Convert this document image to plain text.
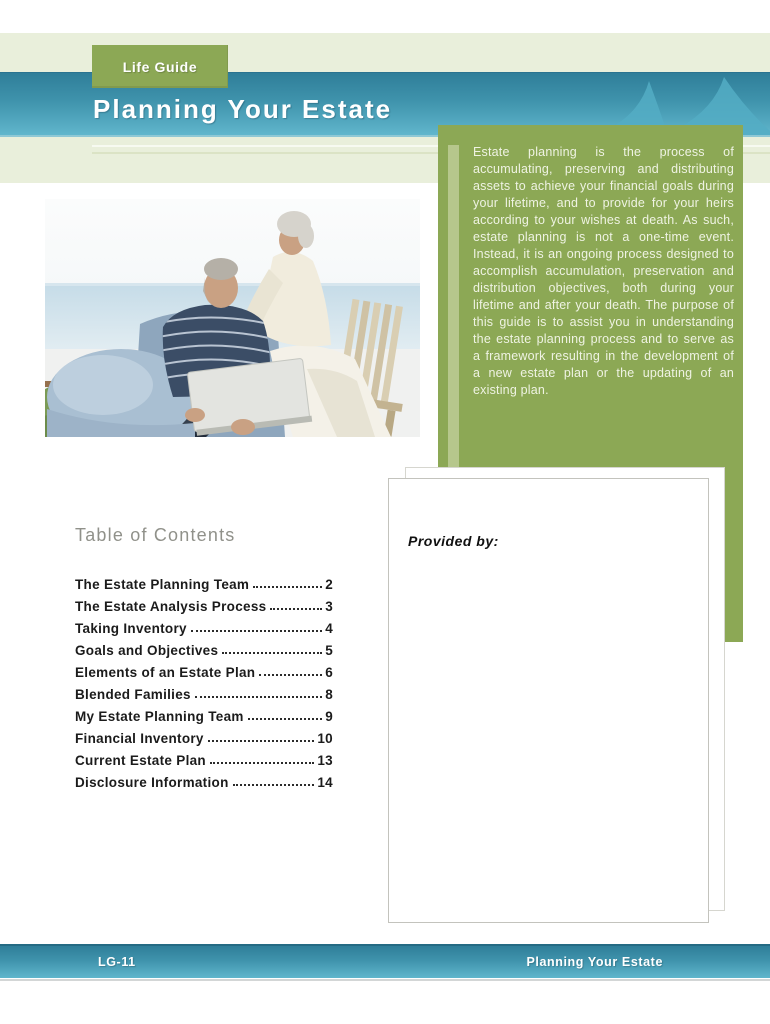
Planning Your Estate
Life Guide

Estate planning is the process of accumulating, preserving and distributing assets to achieve your financial goals during your lifetime, and to provide for your heirs according to your wishes at death. As such, estate planning is not a one-time event. Instead, it is an ongoing process designed to accomplish accumulation, preservation and distribution objectives, both during your lifetime and after your death. The purpose of this guide is to assist you in understanding the estate planning process and to serve as a framework resulting in the development of a new estate plan or the updating of an existing plan.

Provided by:

Table of Contents
The Estate Planning Team	2
The Estate Analysis Process	3
Taking Inventory	4
Goals and Objectives	5
Elements of an Estate Plan	6
Blended Families	8
My Estate Planning Team	9
Financial Inventory	10
Current Estate Plan	13
Disclosure Information	14
LG-11	Planning Your Estate
